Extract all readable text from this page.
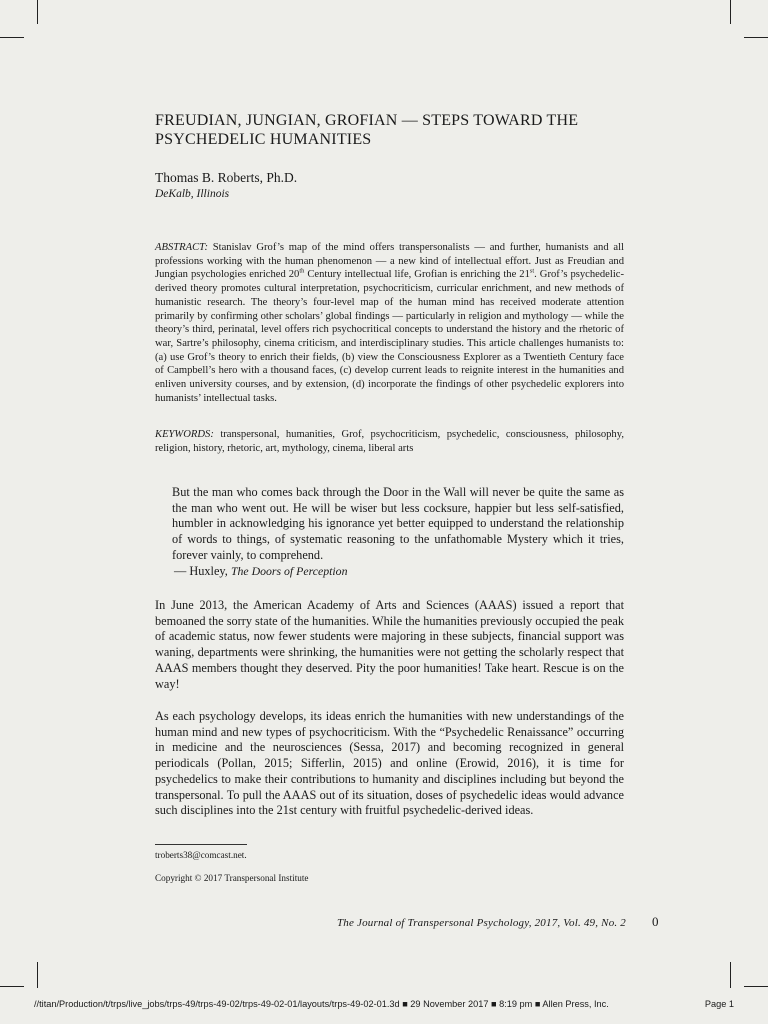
FREUDIAN, JUNGIAN, GROFIAN — STEPS TOWARD THE
PSYCHEDELIC HUMANITIES
Thomas B. Roberts, Ph.D.
DeKalb, Illinois
ABSTRACT: Stanislav Grof’s map of the mind offers transpersonalists — and further, humanists and all professions working with the human phenomenon — a new kind of intellectual effort. Just as Freudian and Jungian psychologies enriched 20th Century intellectual life, Grofian is enriching the 21st. Grof’s psychedelic-derived theory promotes cultural interpretation, psychocriticism, curricular enrichment, and new methods of humanistic research. The theory’s four-level map of the human mind has received moderate attention primarily by confirming other scholars’ global findings — particularly in religion and mythology — while the theory’s third, perinatal, level offers rich psychocritical concepts to understand the history and the rhetoric of war, Sartre’s philosophy, cinema criticism, and interdisciplinary studies. This article challenges humanists to: (a) use Grof’s theory to enrich their fields, (b) view the Consciousness Explorer as a Twentieth Century face of Campbell’s hero with a thousand faces, (c) develop current leads to reignite interest in the humanities and enliven university courses, and by extension, (d) incorporate the findings of other psychedelic explorers into humanists’ intellectual tasks.
KEYWORDS: transpersonal, humanities, Grof, psychocriticism, psychedelic, consciousness, philosophy, religion, history, rhetoric, art, mythology, cinema, liberal arts
But the man who comes back through the Door in the Wall will never be quite the same as the man who went out. He will be wiser but less cocksure, happier but less self-satisfied, humbler in acknowledging his ignorance yet better equipped to understand the relationship of words to things, of systematic reasoning to the unfathomable Mystery which it tries, forever vainly, to comprehend.
— Huxley, The Doors of Perception
In June 2013, the American Academy of Arts and Sciences (AAAS) issued a report that bemoaned the sorry state of the humanities. While the humanities previously occupied the peak of academic status, now fewer students were majoring in these subjects, financial support was waning, departments were shrinking, the humanities were not getting the scholarly respect that AAAS members thought they deserved. Pity the poor humanities! Take heart. Rescue is on the way!
As each psychology develops, its ideas enrich the humanities with new understandings of the human mind and new types of psychocriticism. With the “Psychedelic Renaissance” occurring in medicine and the neurosciences (Sessa, 2017) and becoming recognized in general periodicals (Pollan, 2015; Sifferlin, 2015) and online (Erowid, 2016), it is time for psychedelics to make their contributions to humanity and disciplines including but beyond the transpersonal. To pull the AAAS out of its situation, doses of psychedelic ideas would advance such disciplines into the 21st century with fruitful psychedelic-derived ideas.
troberts38@comcast.net.
Copyright © 2017 Transpersonal Institute
The Journal of Transpersonal Psychology, 2017, Vol. 49, No. 2 0
//titan/Production/t/trps/live_jobs/trps-49/trps-49-02/trps-49-02-01/layouts/trps-49-02-01.3d ■ 29 November 2017 ■ 8:19 pm ■ Allen Press, Inc.	Page 1
